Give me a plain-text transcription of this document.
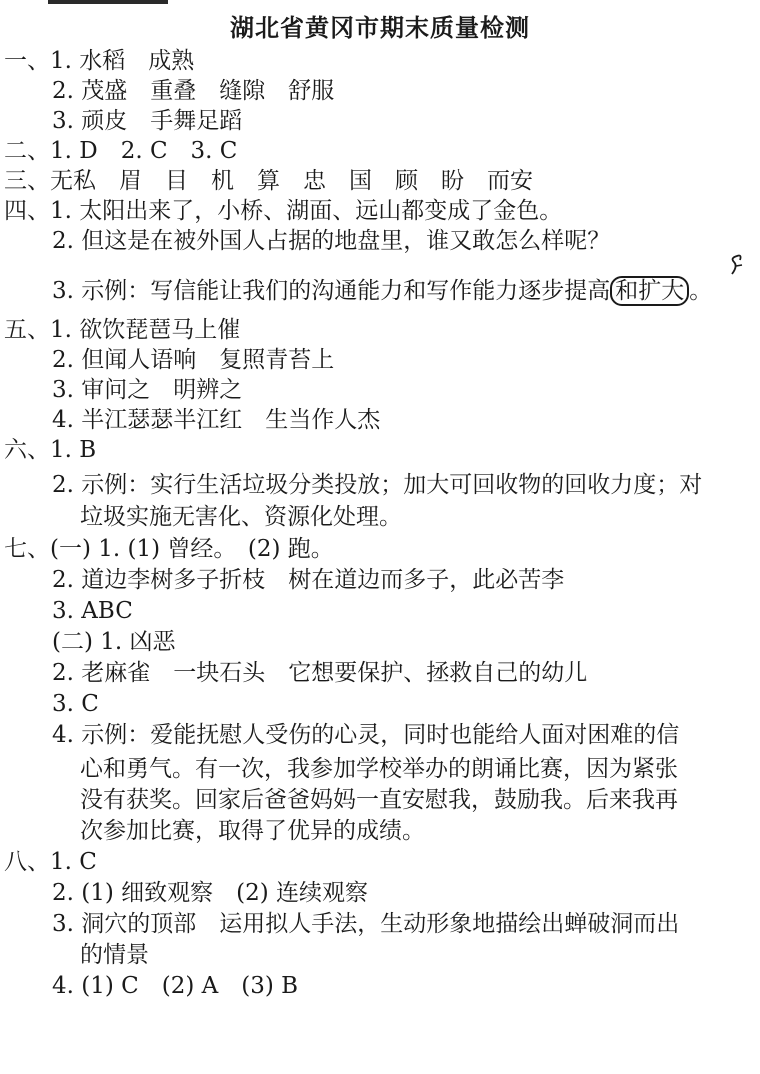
湖北省黄冈市期末质量检测
一、1. 水稻　成熟
2. 茂盛　重叠　缝隙　舒服
3. 顽皮　手舞足蹈
二、1. D　2. C　3. C
三、无私　眉　目　机　算　忠　国　顾　盼　而安
四、1. 太阳出来了，小桥、湖面、远山都变成了金色。
2. 但这是在被外国人占据的地盘里，谁又敢怎么样呢？
3. 示例：写信能让我们的沟通能力和写作能力逐步提高 和扩大 。
五、1. 欲饮琵琶马上催
2. 但闻人语响　复照青苔上
3. 审问之　明辨之
4. 半江瑟瑟半江红　生当作人杰
六、1. B
2. 示例：实行生活垃圾分类投放；加大可回收物的回收力度；对
垃圾实施无害化、资源化处理。
七、(一) 1. (1) 曾经。　(2) 跑。
2. 道边李树多子折枝　树在道边而多子，此必苦李
3. ABC
(二) 1. 凶恶
2. 老麻雀　一块石头　它想要保护、拯救自己的幼儿
3. C
4. 示例：爱能抚慰人受伤的心灵，同时也能给人面对困难的信
心和勇气。有一次，我参加学校举办的朗诵比赛，因为紧张
没有获奖。回家后爸爸妈妈一直安慰我，鼓励我。后来我再
次参加比赛，取得了优异的成绩。
八、1. C
2. (1) 细致观察　(2) 连续观察
3. 洞穴的顶部　运用拟人手法，生动形象地描绘出蝉破洞而出
的情景
4. (1) C　(2) A　(3) B
